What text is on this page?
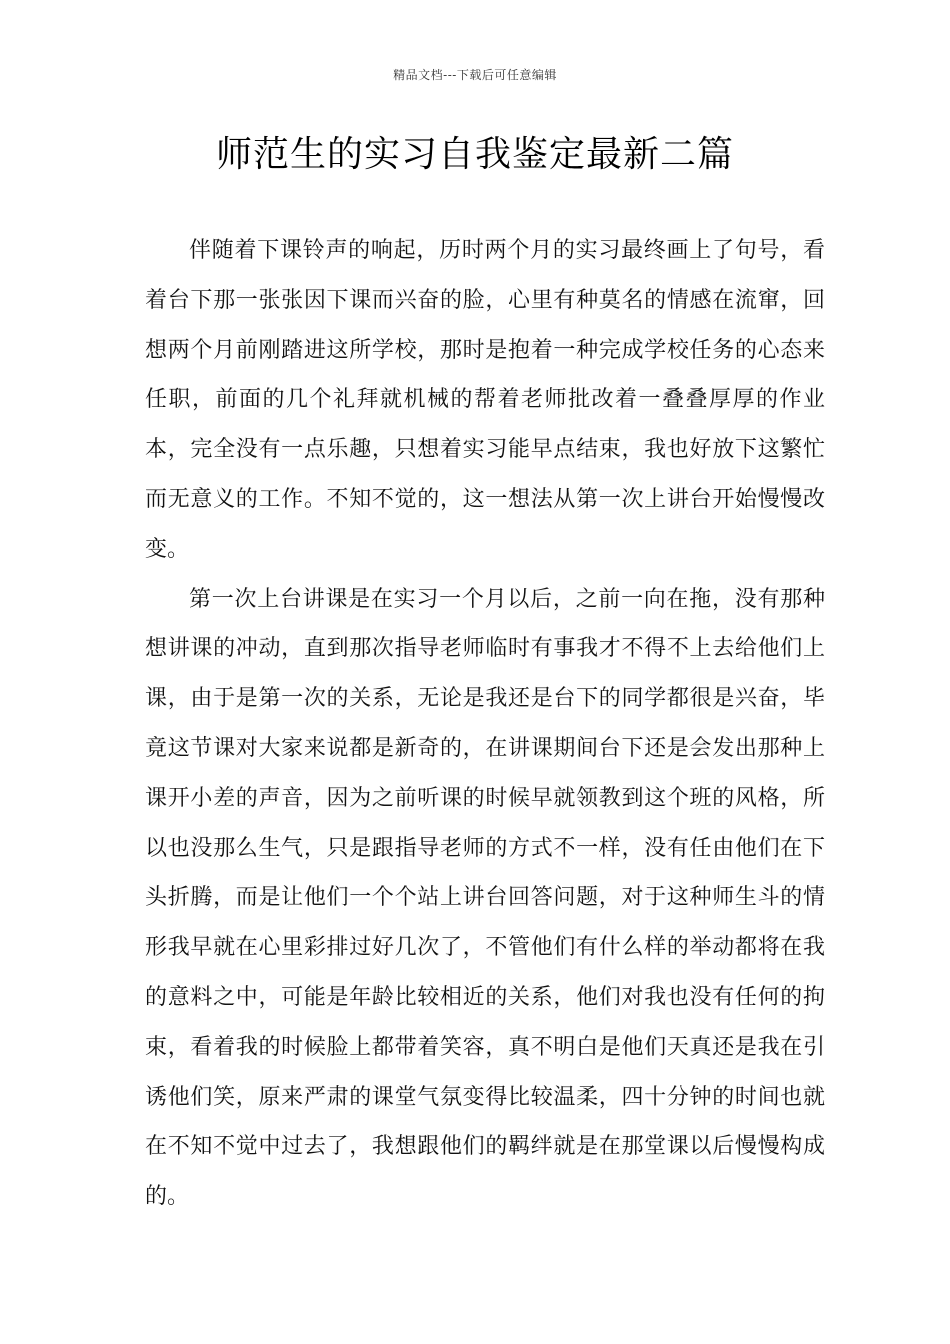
精品文档---下载后可任意编辑
师范生的实习自我鉴定最新二篇

伴随着下课铃声的响起，历时两个月的实习最终画上了句号，看着台下那一张张因下课而兴奋的脸，心里有种莫名的情感在流窜，回想两个月前刚踏进这所学校，那时是抱着一种完成学校任务的心态来任职，前面的几个礼拜就机械的帮着老师批改着一叠叠厚厚的作业本，完全没有一点乐趣，只想着实习能早点结束，我也好放下这繁忙而无意义的工作。不知不觉的，这一想法从第一次上讲台开始慢慢改变。

第一次上台讲课是在实习一个月以后，之前一向在拖，没有那种想讲课的冲动，直到那次指导老师临时有事我才不得不上去给他们上课，由于是第一次的关系，无论是我还是台下的同学都很是兴奋，毕竟这节课对大家来说都是新奇的，在讲课期间台下还是会发出那种上课开小差的声音，因为之前听课的时候早就领教到这个班的风格，所以也没那么生气，只是跟指导老师的方式不一样，没有任由他们在下头折腾，而是让他们一个个站上讲台回答问题，对于这种师生斗的情形我早就在心里彩排过好几次了，不管他们有什么样的举动都将在我的意料之中，可能是年龄比较相近的关系，他们对我也没有任何的拘束，看着我的时候脸上都带着笑容，真不明白是他们天真还是我在引诱他们笑，原来严肃的课堂气氛变得比较温柔，四十分钟的时间也就在不知不觉中过去了，我想跟他们的羁绊就是在那堂课以后慢慢构成的。
